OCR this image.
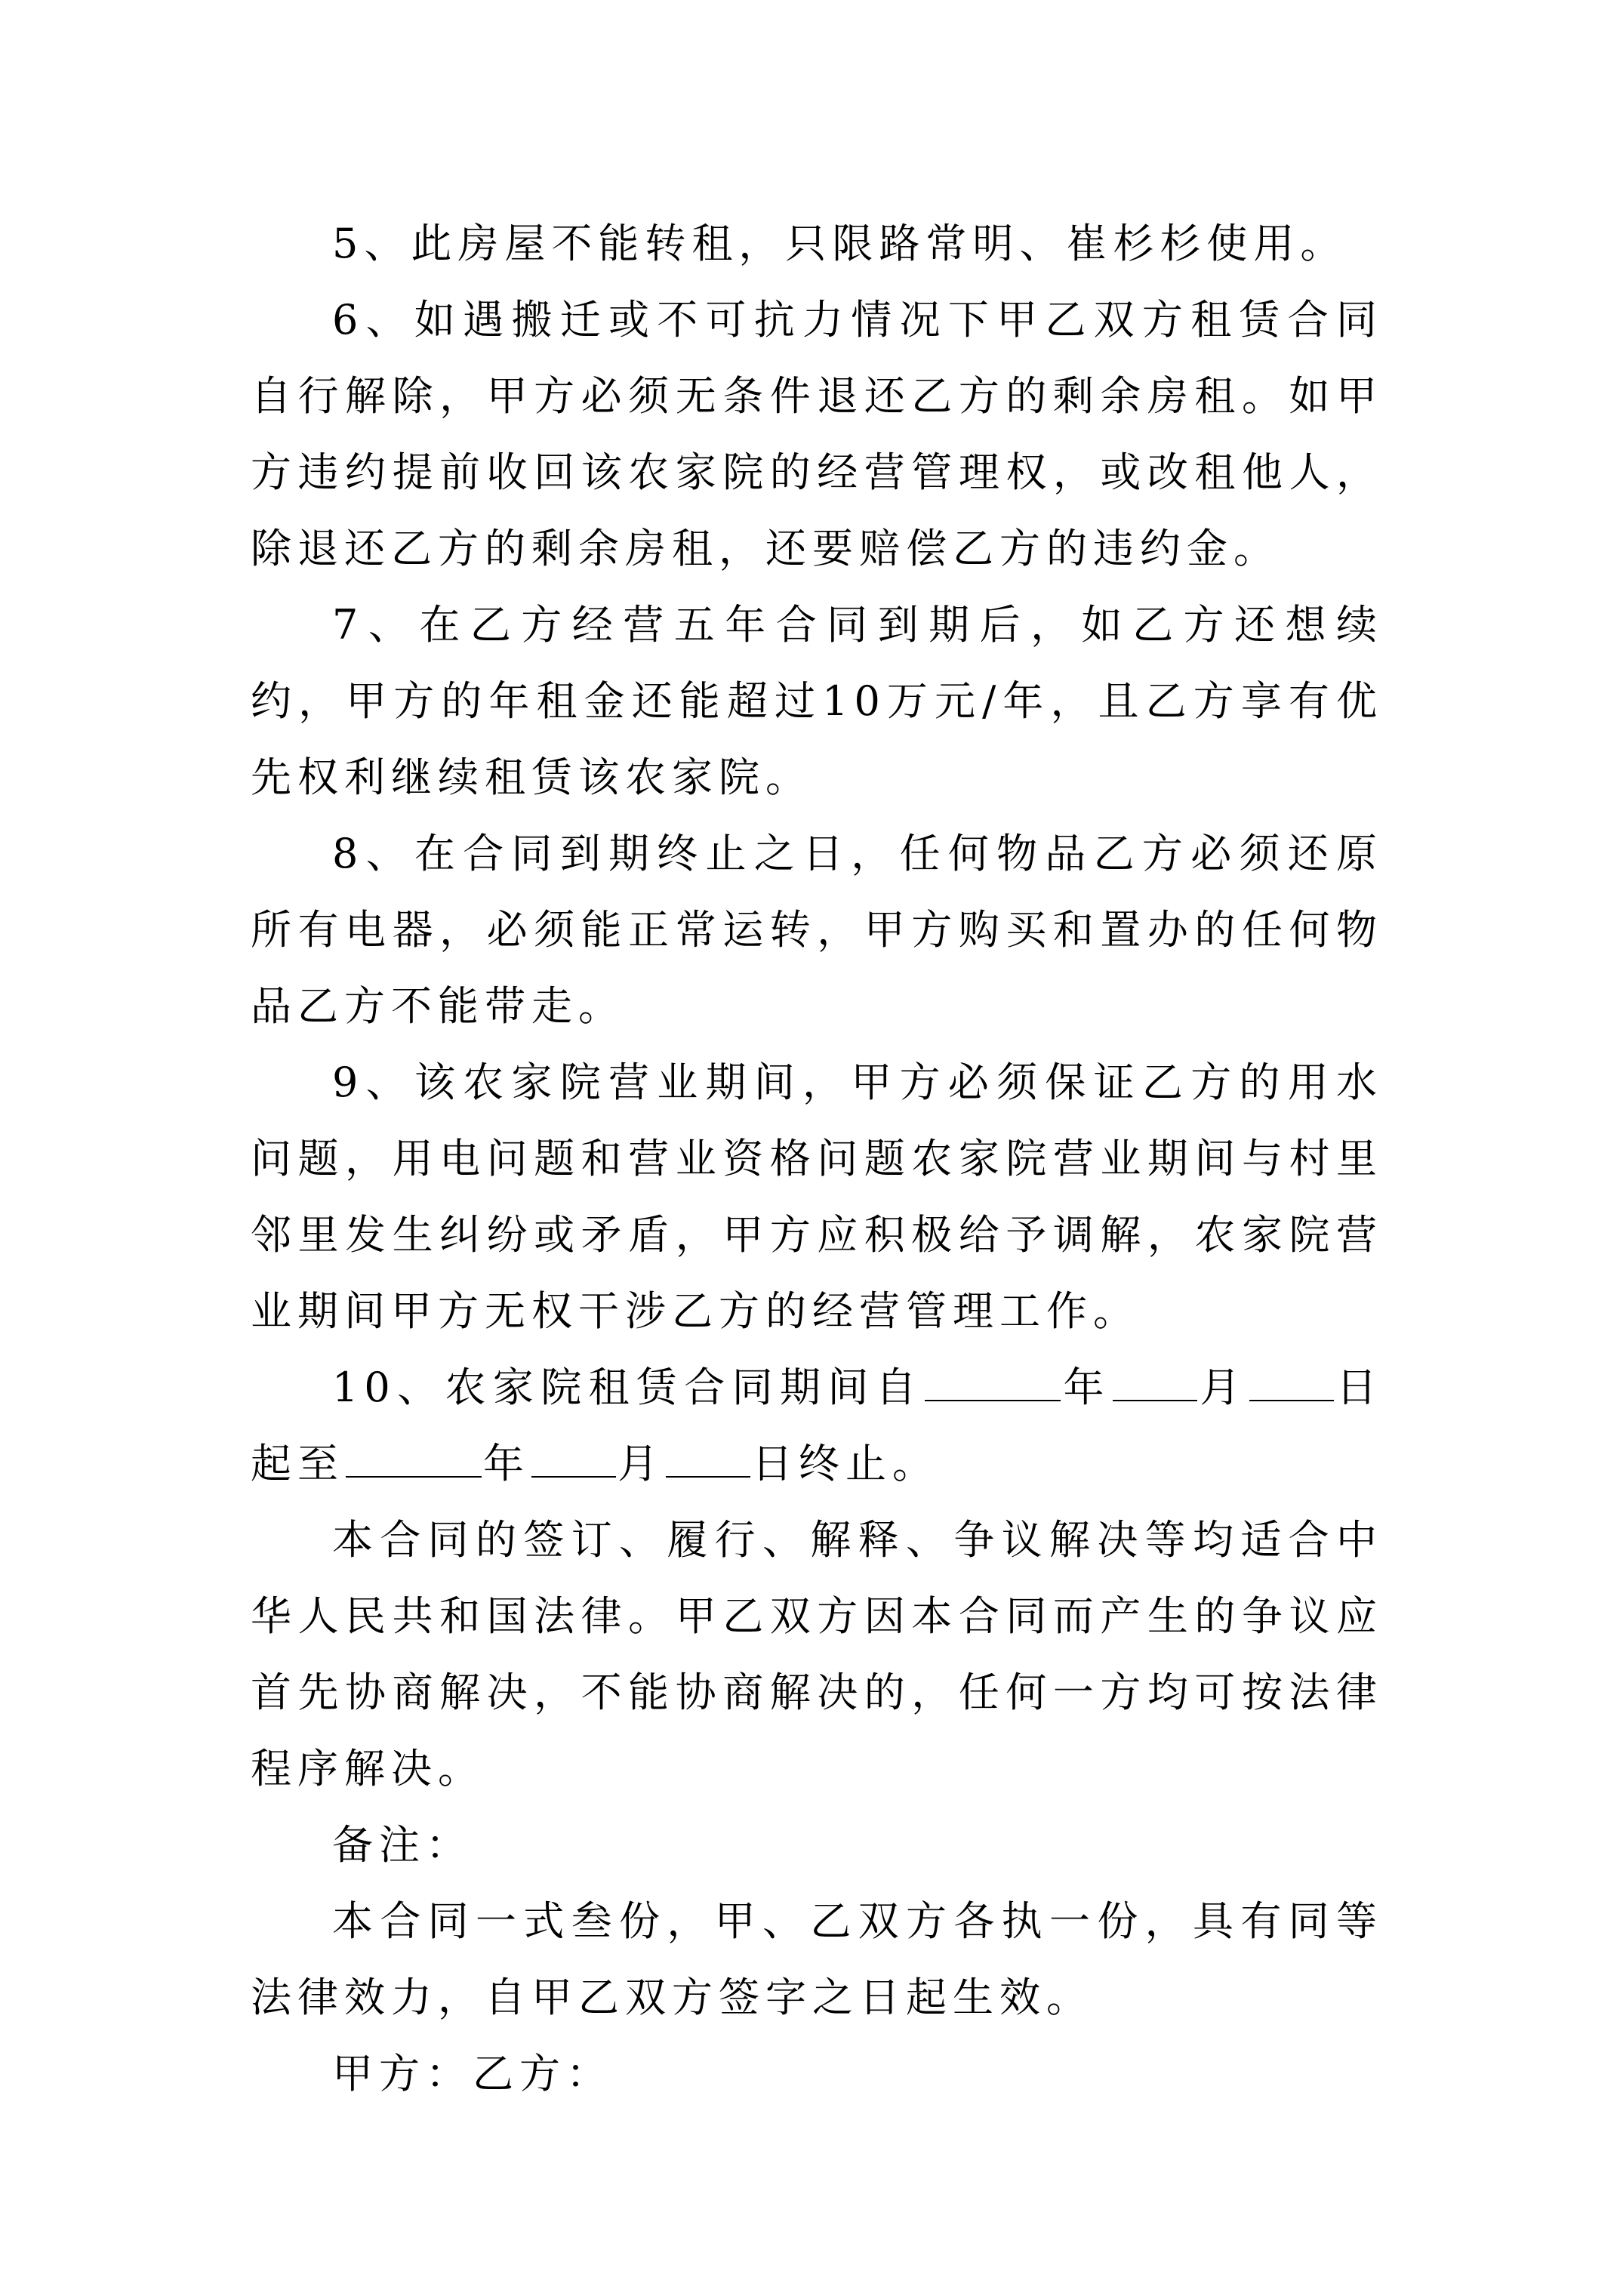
5、此房屋不能转租，只限路常明、崔杉杉使用。

6、如遇搬迁或不可抗力情况下甲乙双方租赁合同自行解除，甲方必须无条件退还乙方的剩余房租。如甲方违约提前收回该农家院的经营管理权，或改租他人，除退还乙方的剩余房租，还要赔偿乙方的违约金。

7、在乙方经营五年合同到期后，如乙方还想续约，甲方的年租金还能超过10万元/年，且乙方享有优先权利继续租赁该农家院。

8、在合同到期终止之日，任何物品乙方必须还原所有电器，必须能正常运转，甲方购买和置办的任何物品乙方不能带走。

9、该农家院营业期间，甲方必须保证乙方的用水问题，用电问题和营业资格问题农家院营业期间与村里邻里发生纠纷或矛盾，甲方应积极给予调解，农家院营业期间甲方无权干涉乙方的经营管理工作。

10、农家院租赁合同期间自	年 月 日起至	年 月 日终止。

本合同的签订、履行、解释、争议解决等均适合中华人民共和国法律。甲乙双方因本合同而产生的争议应首先协商解决，不能协商解决的，任何一方均可按法律程序解决。

备注：

本合同一式叁份，甲、乙双方各执一份，具有同等法律效力，自甲乙双方签字之日起生效。

甲方：乙方：
